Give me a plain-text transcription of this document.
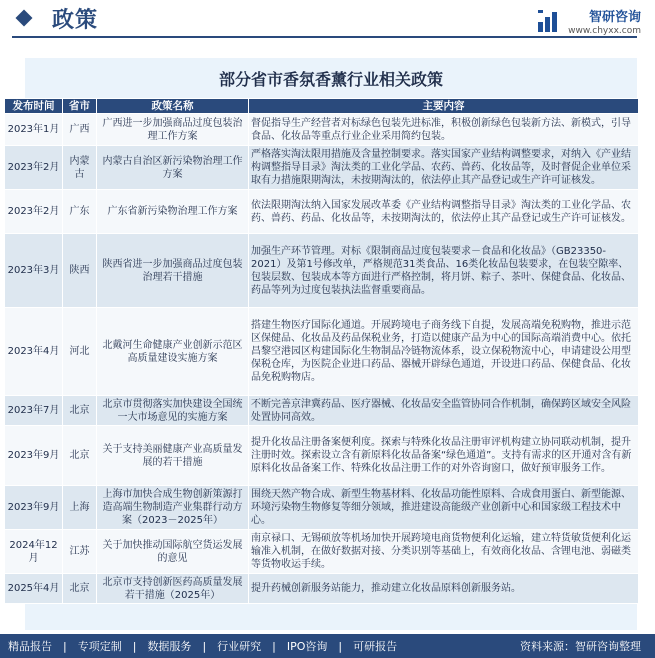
政策	智研咨询
www.chyxx.com
部分省市香氛香薰行业相关政策
发布时间	省市	政策名称	主要内容
2023年1月	广西	广西进一步加强商品过度包装治理工作方案	督促指导生产经营者对标绿色包装先进标准，积极创新绿色包装新方法、新模式，引导食品、化妆品等重点行业企业采用简约包装。
2023年2月	内蒙古	内蒙古自治区新污染物治理工作方案	严格落实淘汰限用措施及含量控制要求。落实国家产业结构调整要求，对纳入《产业结构调整指导目录》淘汰类的工业化学品、农药、兽药、化妆品等，及时督促企业单位采取有力措施限期淘汰，未按期淘汰的，依法停止其产品登记或生产许可证核发。
2023年2月	广东	广东省新污染物治理工作方案	依法限期淘汰纳入国家发展改革委《产业结构调整指导目录》淘汰类的工业化学品、农药、兽药、药品、化妆品等，未按期淘汰的，依法停止其产品登记或生产许可证核发。
2023年3月	陕西	陕西省进一步加强商品过度包装治理若干措施	加强生产环节管理。对标《限制商品过度包装要求－食品和化妆品》（GB23350-2021）及第1号修改单，严格规范31类食品、16类化妆品包装要求，在包装空隙率、包装层数、包装成本等方面进行严格控制，将月饼、粽子、茶叶、保健食品、化妆品、药品等列为过度包装执法监督重要商品。
2023年4月	河北	北戴河生命健康产业创新示范区高质量建设实施方案	搭建生物医疗国际化通道。开展跨境电子商务线下自提，发展高端免税购物，推进示范区保健品、化妆品及药品保税业务，打造以健康产品为中心的国际高端消费中心。依托昌黎空港园区构建国际化生物制品冷链物流体系，设立保税物流中心，申请建设公用型保税仓库，为医院企业进口药品、器械开辟绿色通道，开设进口药品、保健食品、化妆品免税购物店。
2023年7月	北京	北京市贯彻落实加快建设全国统一大市场意见的实施方案	不断完善京津冀药品、医疗器械、化妆品安全监管协同合作机制，确保跨区域安全风险处置协同高效。
2023年9月	北京	关于支持美丽健康产业高质量发展的若干措施	提升化妆品注册备案便利度。探索与特殊化妆品注册审评机构建立协同联动机制，提升注册时效。探索设立含有新原料化妆品备案“绿色通道”。支持有需求的区开通对含有新原料化妆品备案工作、特殊化妆品注册工作的对外咨询窗口，做好预审服务工作。
2023年9月	上海	上海市加快合成生物创新策源打造高端生物制造产业集群行动方案（2023－2025年）	围绕天然产物合成、新型生物基材料、化妆品功能性原料、合成食用蛋白、新型能源、环境污染物生物修复等细分领域，推进建设高能级产业创新中心和国家级工程技术中心。
2024年12月	江苏	关于加快推动国际航空货运发展的意见	南京禄口、无锡硕放等机场加快开展跨境电商货物便利化运输，建立特货敏货便利化运输准入机制，在做好数据对接、分类识别等基础上，有效商化妆品、含锂电池、弱磁类等货物收运手续。
2025年4月	北京	北京市支持创新医药高质量发展若干措施（2025年）	提升药械创新服务站能力，推动建立化妆品原料创新服务站。
精品报告 | 专项定制 | 数据服务 | 行业研究 | IPO咨询 | 可研报告	资料来源：智研咨询整理
